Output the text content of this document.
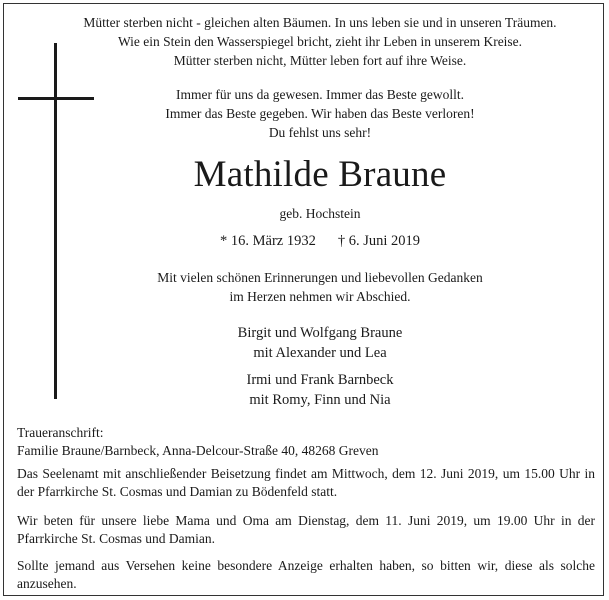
Mütter sterben nicht - gleichen alten Bäumen. In uns leben sie und in unseren Träumen.
Wie ein Stein den Wasserspiegel bricht, zieht ihr Leben in unserem Kreise.
Mütter sterben nicht, Mütter leben fort auf ihre Weise.
Immer für uns da gewesen. Immer das Beste gewollt.
Immer das Beste gegeben. Wir haben das Beste verloren!
Du fehlst uns sehr!
Mathilde Braune
geb. Hochstein
* 16. März 1932 † 6. Juni 2019
Mit vielen schönen Erinnerungen und liebevollen Gedanken
im Herzen nehmen wir Abschied.
Birgit und Wolfgang Braune
mit Alexander und Lea
Irmi und Frank Barnbeck
mit Romy, Finn und Nia
Traueranschrift:
Familie Braune/Barnbeck, Anna-Delcour-Straße 40, 48268 Greven
Das Seelenamt mit anschließender Beisetzung findet am Mittwoch, dem 12. Juni 2019, um 15.00 Uhr in der Pfarrkirche St. Cosmas und Damian zu Bödenfeld statt.
Wir beten für unsere liebe Mama und Oma am Dienstag, dem 11. Juni 2019, um 19.00 Uhr in der Pfarrkirche St. Cosmas und Damian.
Sollte jemand aus Versehen keine besondere Anzeige erhalten haben, so bitten wir, diese als solche anzusehen.
